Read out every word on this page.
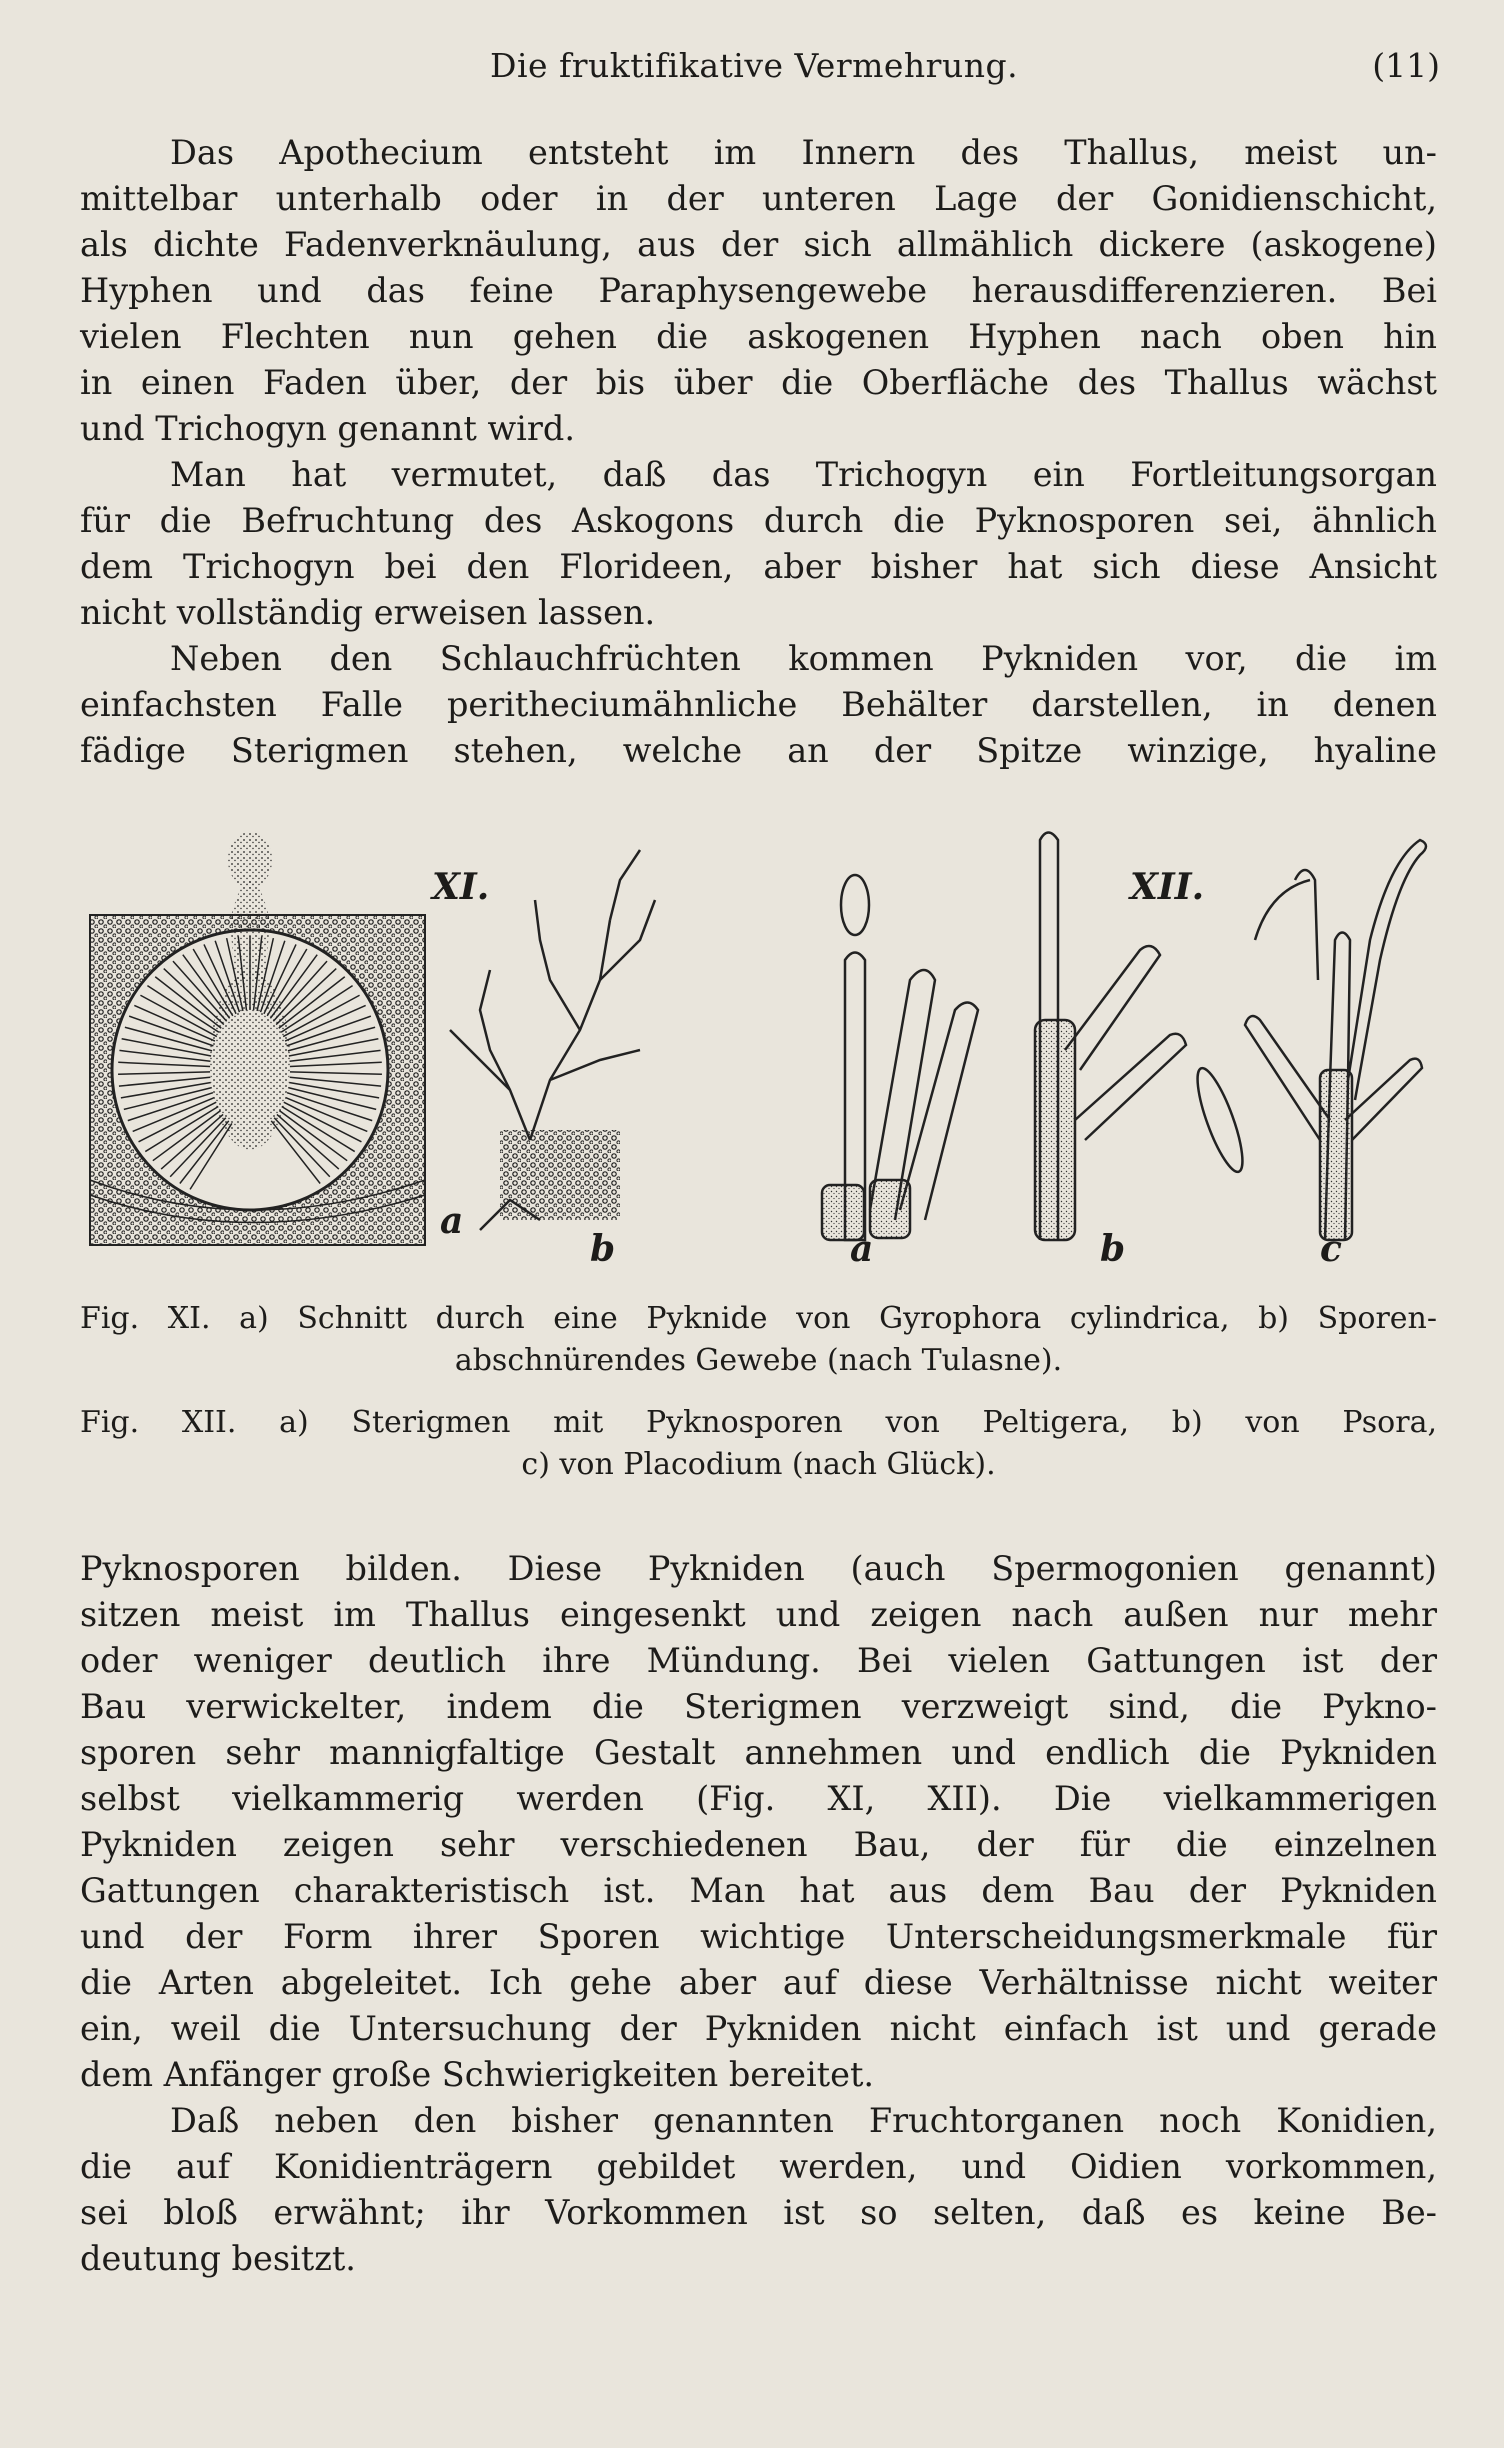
Die fruktifikative Vermehrung.	(11)
Das Apothecium entsteht im Innern des Thallus, meist un-
mittelbar unterhalb oder in der unteren Lage der Gonidienschicht,
als dichte Fadenverknäulung, aus der sich allmählich dickere (askogene)
Hyphen und das feine Paraphysengewebe herausdifferenzieren. Bei
vielen Flechten nun gehen die askogenen Hyphen nach oben hin
in einen Faden über, der bis über die Oberfläche des Thallus wächst
und Trichogyn genannt wird.
Man hat vermutet, daß das Trichogyn ein Fortleitungsorgan
für die Befruchtung des Askogons durch die Pyknosporen sei, ähnlich
dem Trichogyn bei den Florideen, aber bisher hat sich diese Ansicht
nicht vollständig erweisen lassen.
Neben den Schlauchfrüchten kommen Pykniden vor, die im
einfachsten Falle peritheciumähnliche Behälter darstellen, in denen
fädige Sterigmen stehen, welche an der Spitze winzige, hyaline
XI.	XII.
a
b	a	b	c
Fig. XI. a) Schnitt durch eine Pyknide von Gyrophora cylindrica, b) Sporen-
abschnürendes Gewebe (nach Tulasne).
Fig. XII. a) Sterigmen mit Pyknosporen von Peltigera, b) von Psora,
c) von Placodium (nach Glück).
Pyknosporen bilden. Diese Pykniden (auch Spermogonien genannt)
sitzen meist im Thallus eingesenkt und zeigen nach außen nur mehr
oder weniger deutlich ihre Mündung. Bei vielen Gattungen ist der
Bau verwickelter, indem die Sterigmen verzweigt sind, die Pykno-
sporen sehr mannigfaltige Gestalt annehmen und endlich die Pykniden
selbst vielkammerig werden (Fig. XI, XII). Die vielkammerigen
Pykniden zeigen sehr verschiedenen Bau, der für die einzelnen
Gattungen charakteristisch ist. Man hat aus dem Bau der Pykniden
und der Form ihrer Sporen wichtige Unterscheidungsmerkmale für
die Arten abgeleitet. Ich gehe aber auf diese Verhältnisse nicht weiter
ein, weil die Untersuchung der Pykniden nicht einfach ist und gerade
dem Anfänger große Schwierigkeiten bereitet.
Daß neben den bisher genannten Fruchtorganen noch Konidien,
die auf Konidienträgern gebildet werden, und Oidien vorkommen,
sei bloß erwähnt; ihr Vorkommen ist so selten, daß es keine Be-
deutung besitzt.
